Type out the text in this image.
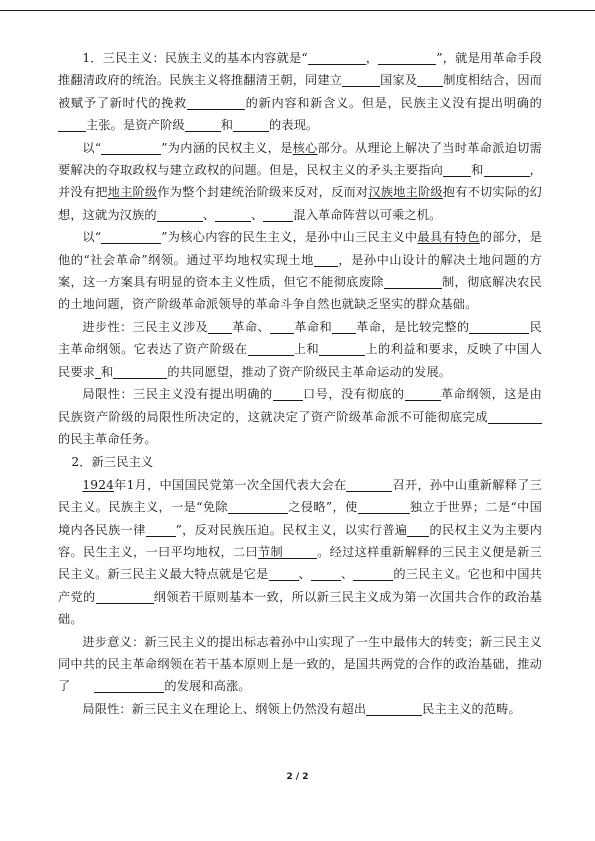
1．三民主义：民族主义的基本内容就是“	，	”，就是用革命手段推翻清政府的统治。民族主义将推翻清王朝，同建立	国家及 制度相结合，因而被赋予了新时代的挽救	的新内容和新含义。但是，民族主义没有提出明确的主张。是资产阶级	和	的表现。

以“	”为内涵的民权主义，是核心部分。从理论上解决了当时革命派迫切需要解决的夺取政权与建立政权的问题。但是，民权主义的矛头主要指向 和	，并没有把地主阶级作为整个封建统治阶级来反对，反而对汉族地主阶级抱有不切实际的幻想，这就为汉族的	、	、 混入革命阵营以可乘之机。

以“	”为核心内容的民生主义，是孙中山三民主义中最具有特色的部分，是他的“社会革命”纲领。通过平均地权实现土地 ，是孙中山设计的解决土地问题的方案，这一方案具有明显的资本主义性质，但它不能彻底废除	制，彻底解决农民的土地问题，资产阶级革命派领导的革命斗争自然也就缺乏坚实的群众基础。

进步性：三民主义涉及 革命、 革命和 革命，是比较完整的	民主革命纲领。它表达了资产阶级在	上和	上的利益和要求，反映了中国人民要求 和	的共同愿望，推动了资产阶级民主革命运动的发展。

局限性：三民主义没有提出明确的 口号，没有彻底的	革命纲领，这是由民族资产阶级的局限性所决定的，这就决定了资产阶级革命派不可能彻底完成的民主革命任务。

2．新三民主义

1924年1月，中国国民党第一次全国代表大会在	召开，孙中山重新解释了三民主义。民族主义，一是“免除	之侵略”，使	独立于世界；二是“中国境内各民族一律 ”，反对民族压迫。民权主义，以实行普遍 的民权主义为主要内容。民生主义，一曰平均地权，二曰节制	。经过这样重新解释的三民主义便是新三民主义。新三民主义最大特点就是它是 、 、	的三民主义。它也和中国共产党的	纲领若干原则基本一致，所以新三民主义成为第一次国共合作的政治基础。

进步意义：新三民主义的提出标志着孙中山实现了一生中最伟大的转变；新三民主义同中共的民主革命纲领在若干基本原则上是一致的，是国共两党的合作的政治基础，推动了	的发展和高涨。

局限性：新三民主义在理论上、纲领上仍然没有超出	民主主义的范畴。

2 / 2
